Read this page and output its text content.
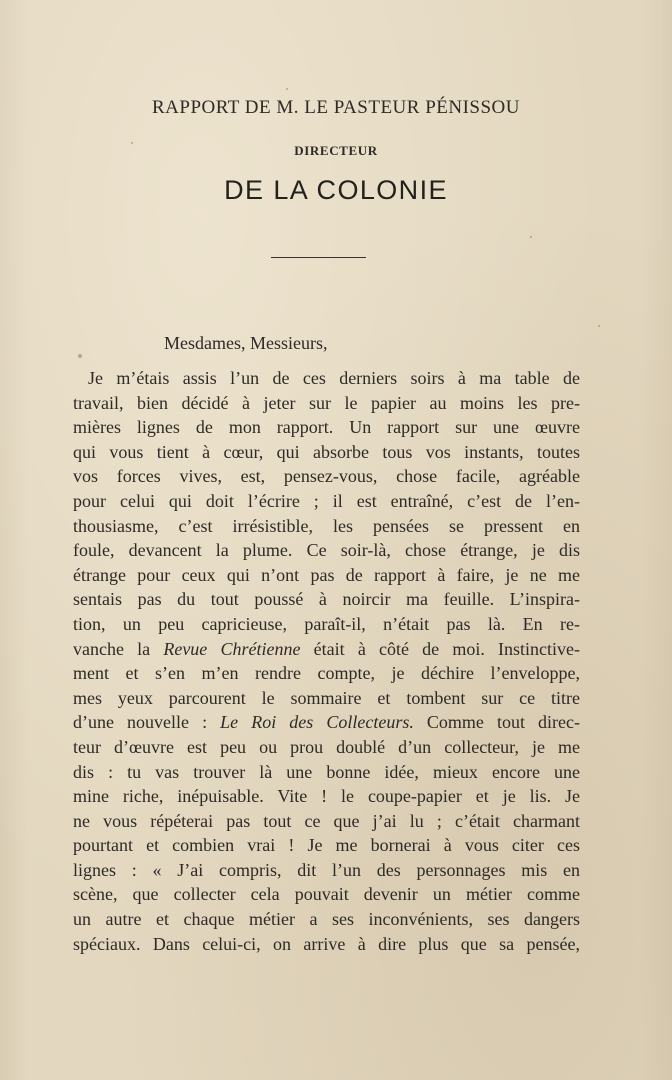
RAPPORT DE M. LE PASTEUR PÉNISSOU
DIRECTEUR
DE LA COLONIE
Mesdames, Messieurs,
Je m’étais assis l’un de ces derniers soirs à ma table de
travail, bien décidé à jeter sur le papier au moins les pre-
mières lignes de mon rapport. Un rapport sur une œuvre
qui vous tient à cœur, qui absorbe tous vos instants, toutes
vos forces vives, est, pensez-vous, chose facile, agréable
pour celui qui doit l’écrire ; il est entraîné, c’est de l’en-
thousiasme, c’est irrésistible, les pensées se pressent en
foule, devancent la plume. Ce soir-là, chose étrange, je dis
étrange pour ceux qui n’ont pas de rapport à faire, je ne me
sentais pas du tout poussé à noircir ma feuille. L’inspira-
tion, un peu capricieuse, paraît-il, n’était pas là. En re-
vanche la Revue Chrétienne était à côté de moi. Instinctive-
ment et s’en m’en rendre compte, je déchire l’enveloppe,
mes yeux parcourent le sommaire et tombent sur ce titre
d’une nouvelle : Le Roi des Collecteurs. Comme tout direc-
teur d’œuvre est peu ou prou doublé d’un collecteur, je me
dis : tu vas trouver là une bonne idée, mieux encore une
mine riche, inépuisable. Vite ! le coupe-papier et je lis. Je
ne vous répéterai pas tout ce que j’ai lu ; c’était charmant
pourtant et combien vrai ! Je me bornerai à vous citer ces
lignes : « J’ai compris, dit l’un des personnages mis en
scène, que collecter cela pouvait devenir un métier comme
un autre et chaque métier a ses inconvénients, ses dangers
spéciaux. Dans celui-ci, on arrive à dire plus que sa pensée,
